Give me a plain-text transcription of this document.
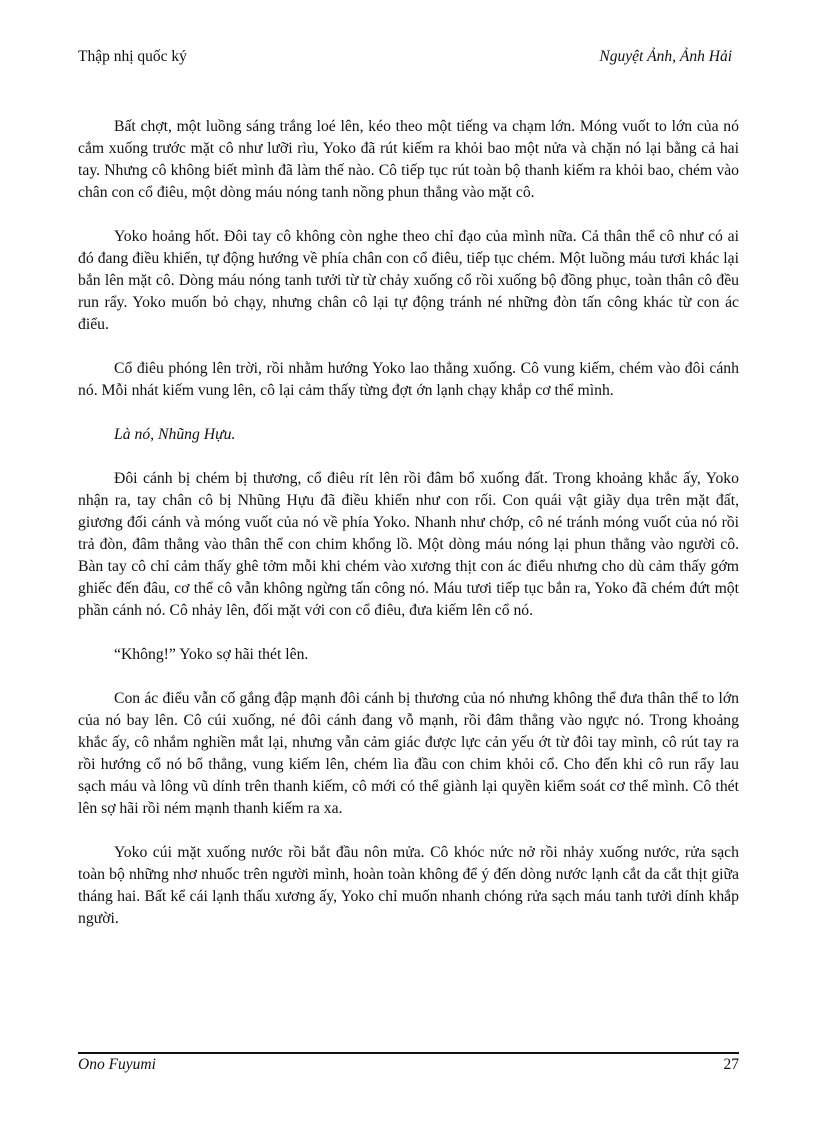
Thập nhị quốc ký	Nguyệt Ảnh, Ảnh Hải

Bất chợt, một luồng sáng trắng loé lên, kéo theo một tiếng va chạm lớn. Móng vuốt to lớn của nó cắm xuống trước mặt cô như lưỡi rìu, Yoko đã rút kiếm ra khỏi bao một nửa và chặn nó lại bằng cả hai tay. Nhưng cô không biết mình đã làm thế nào. Cô tiếp tục rút toàn bộ thanh kiếm ra khỏi bao, chém vào chân con cổ điêu, một dòng máu nóng tanh nồng phun thẳng vào mặt cô.

Yoko hoảng hốt. Đôi tay cô không còn nghe theo chỉ đạo của mình nữa. Cả thân thể cô như có ai đó đang điều khiển, tự động hướng về phía chân con cổ điêu, tiếp tục chém. Một luồng máu tươi khác lại bắn lên mặt cô. Dòng máu nóng tanh tưởi từ từ chảy xuống cổ rồi xuống bộ đồng phục, toàn thân cô đều run rẩy. Yoko muốn bỏ chạy, nhưng chân cô lại tự động tránh né những đòn tấn công khác từ con ác điểu.

Cổ điêu phóng lên trời, rồi nhằm hướng Yoko lao thẳng xuống. Cô vung kiếm, chém vào đôi cánh nó. Mỗi nhát kiếm vung lên, cô lại cảm thấy từng đợt ớn lạnh chạy khắp cơ thể mình.

Là nó, Nhũng Hựu.

Đôi cánh bị chém bị thương, cổ điêu rít lên rồi đâm bổ xuống đất. Trong khoảng khắc ấy, Yoko nhận ra, tay chân cô bị Nhũng Hựu đã điều khiển như con rối. Con quái vật giãy dụa trên mặt đất, giương đối cánh và móng vuốt của nó về phía Yoko. Nhanh như chớp, cô né tránh móng vuốt của nó rồi trả đòn, đâm thẳng vào thân thể con chim khổng lồ. Một dòng máu nóng lại phun thẳng vào người cô. Bàn tay cô chỉ cảm thấy ghê tởm mỗi khi chém vào xương thịt con ác điểu nhưng cho dù cảm thấy gớm ghiếc đến đâu, cơ thể cô vẫn không ngừng tấn công nó. Máu tươi tiếp tục bắn ra, Yoko đã chém đứt một phần cánh nó. Cô nhảy lên, đối mặt với con cổ điêu, đưa kiếm lên cổ nó.

“Không!” Yoko sợ hãi thét lên.

Con ác điểu vẫn cố gắng đập mạnh đôi cánh bị thương của nó nhưng không thể đưa thân thể to lớn của nó bay lên. Cô cúi xuống, né đôi cánh đang vỗ mạnh, rồi đâm thẳng vào ngực nó. Trong khoảng khắc ấy, cô nhắm nghiền mắt lại, nhưng vẫn cảm giác được lực cản yếu ớt từ đôi tay mình, cô rút tay ra rồi hướng cổ nó bổ thẳng, vung kiếm lên, chém lìa đầu con chim khỏi cổ. Cho đến khi cô run rẩy lau sạch máu và lông vũ dính trên thanh kiếm, cô mới có thể giành lại quyền kiểm soát cơ thể mình. Cô thét lên sợ hãi rồi ném mạnh thanh kiếm ra xa.

Yoko cúi mặt xuống nước rồi bắt đầu nôn mửa. Cô khóc nức nở rồi nhảy xuống nước, rửa sạch toàn bộ những nhơ nhuốc trên người mình, hoàn toàn không để ý đến dòng nước lạnh cắt da cắt thịt giữa tháng hai. Bất kể cái lạnh thấu xương ấy, Yoko chỉ muốn nhanh chóng rửa sạch máu tanh tưởi dính khắp người.

Ono Fuyumi	27
